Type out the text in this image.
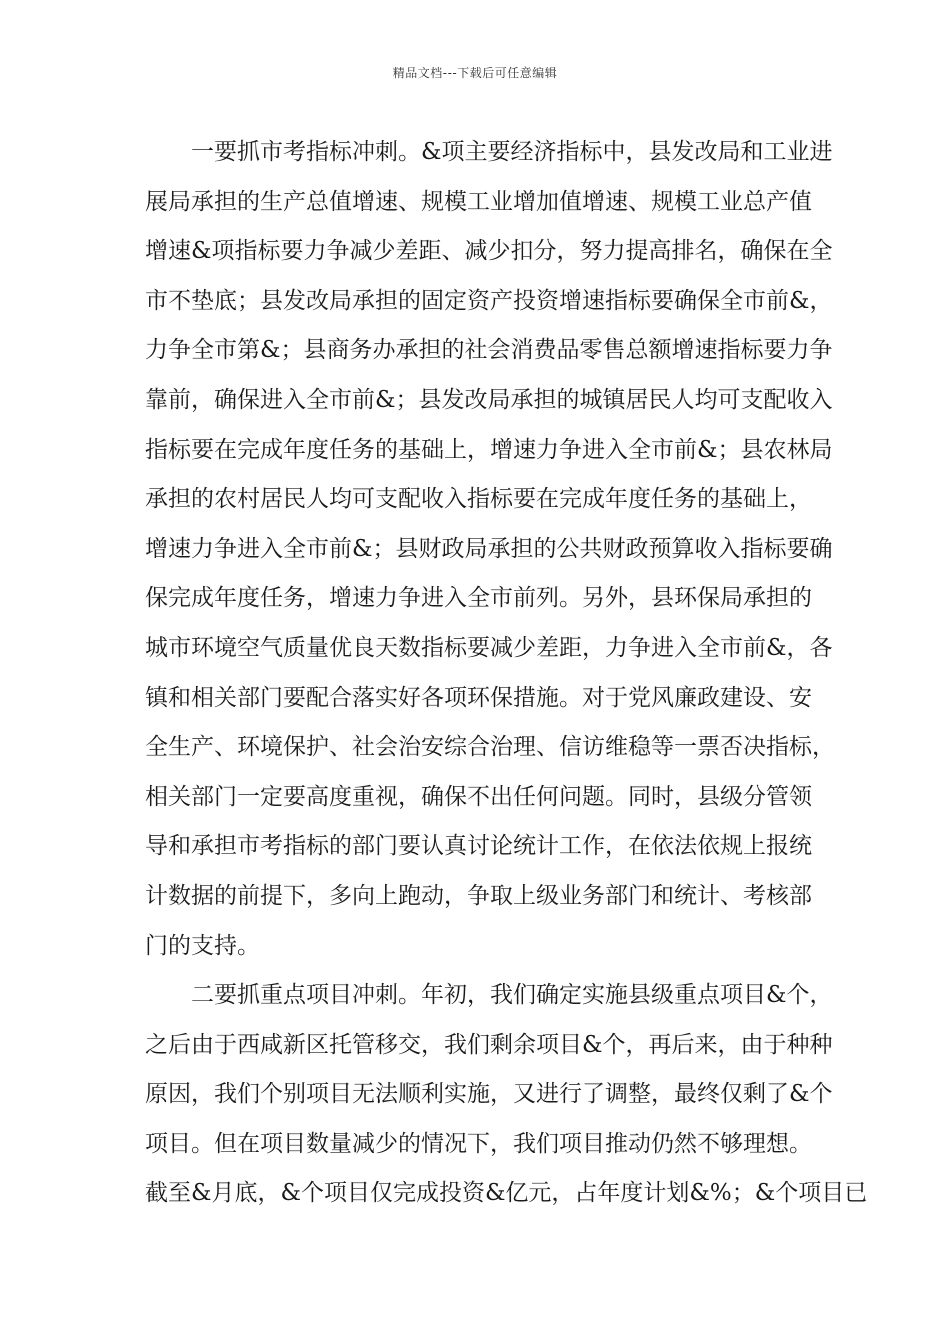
精品文档---下载后可任意编辑

一要抓市考指标冲刺。&项主要经济指标中，县发改局和工业进
展局承担的生产总值增速、规模工业增加值增速、规模工业总产值
增速&项指标要力争减少差距、减少扣分，努力提高排名，确保在全
市不垫底；县发改局承担的固定资产投资增速指标要确保全市前&，
力争全市第&；县商务办承担的社会消费品零售总额增速指标要力争
靠前，确保进入全市前&；县发改局承担的城镇居民人均可支配收入
指标要在完成年度任务的基础上，增速力争进入全市前&；县农林局
承担的农村居民人均可支配收入指标要在完成年度任务的基础上，
增速力争进入全市前&；县财政局承担的公共财政预算收入指标要确
保完成年度任务，增速力争进入全市前列。另外，县环保局承担的
城市环境空气质量优良天数指标要减少差距，力争进入全市前&，各
镇和相关部门要配合落实好各项环保措施。对于党风廉政建设、安
全生产、环境保护、社会治安综合治理、信访维稳等一票否决指标，
相关部门一定要高度重视，确保不出任何问题。同时，县级分管领
导和承担市考指标的部门要认真讨论统计工作，在依法依规上报统
计数据的前提下，多向上跑动，争取上级业务部门和统计、考核部
门的支持。

二要抓重点项目冲刺。年初，我们确定实施县级重点项目&个，
之后由于西咸新区托管移交，我们剩余项目&个，再后来，由于种种
原因，我们个别项目无法顺利实施，又进行了调整，最终仅剩了&个
项目。但在项目数量减少的情况下，我们项目推动仍然不够理想。
截至&月底，&个项目仅完成投资&亿元，占年度计划&%；&个项目已
